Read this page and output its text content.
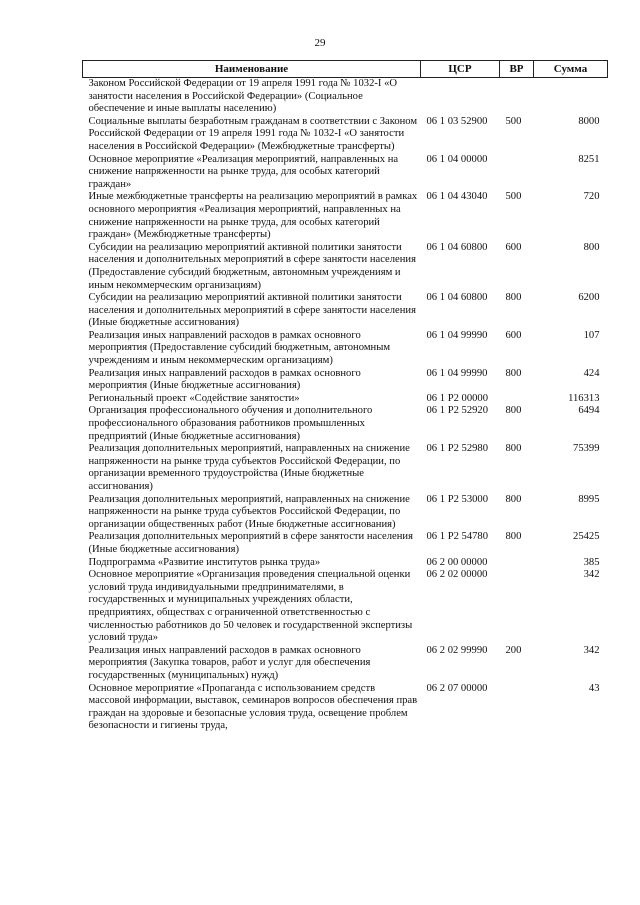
29
Наименование	ЦСР	ВР	Сумма
Законом Российской Федерации от 19 апреля 1991 года № 1032-I «О занятости населения в Российской Федерации» (Социальное обеспечение и иные выплаты населению)			
Социальные выплаты безработным гражданам в соответствии с Законом Российской Федерации от 19 апреля 1991 года № 1032-I «О занятости населения в Российской Федерации» (Межбюджетные трансферты)	06 1 03 52900	500	8000
Основное мероприятие «Реализация мероприятий, направленных на снижение напряженности на рынке труда, для особых категорий граждан»	06 1 04 00000		8251
Иные межбюджетные трансферты на реализацию мероприятий в рамках основного мероприятия «Реализация мероприятий, направленных на снижение напряженности на рынке труда, для особых категорий граждан» (Межбюджетные трансферты)	06 1 04 43040	500	720
Субсидии на реализацию мероприятий активной политики занятости населения и дополнительных мероприятий в сфере занятости населения (Предоставление субсидий бюджетным, автономным учреждениям и иным некоммерческим организациям)	06 1 04 60800	600	800
Субсидии на реализацию мероприятий активной политики занятости населения и дополнительных мероприятий в сфере занятости населения (Иные бюджетные ассигнования)	06 1 04 60800	800	6200
Реализация иных направлений расходов в рамках основного мероприятия (Предоставление субсидий бюджетным, автономным учреждениям и иным некоммерческим организациям)	06 1 04 99990	600	107
Реализация иных направлений расходов в рамках основного мероприятия (Иные бюджетные ассигнования)	06 1 04 99990	800	424
Региональный проект «Содействие занятости»	06 1 P2 00000		116313
Организация профессионального обучения и дополнительного профессионального образования работников промышленных предприятий (Иные бюджетные ассигнования)	06 1 P2 52920	800	6494
Реализация дополнительных мероприятий, направленных на снижение напряженности на рынке труда субъектов Российской Федерации, по организации временного трудоустройства (Иные бюджетные ассигнования)	06 1 P2 52980	800	75399
Реализация дополнительных мероприятий, направленных на снижение напряженности на рынке труда субъектов Российской Федерации, по организации общественных работ (Иные бюджетные ассигнования)	06 1 P2 53000	800	8995
Реализация дополнительных мероприятий в сфере занятости населения (Иные бюджетные ассигнования)	06 1 P2 54780	800	25425
Подпрограмма «Развитие институтов рынка труда»	06 2 00 00000		385
Основное мероприятие «Организация проведения специальной оценки условий труда индивидуальными предпринимателями, в государственных и муниципальных учреждениях области, предприятиях, обществах с ограниченной ответственностью с численностью работников до 50 человек и государственной экспертизы условий труда»	06 2 02 00000		342
Реализация иных направлений расходов в рамках основного мероприятия (Закупка товаров, работ и услуг для обеспечения государственных (муниципальных) нужд)	06 2 02 99990	200	342
Основное мероприятие «Пропаганда с использованием средств массовой информации, выставок, семинаров вопросов обеспечения прав граждан на здоровые и безопасные условия труда, освещение проблем безопасности и гигиены труда,	06 2 07 00000		43
